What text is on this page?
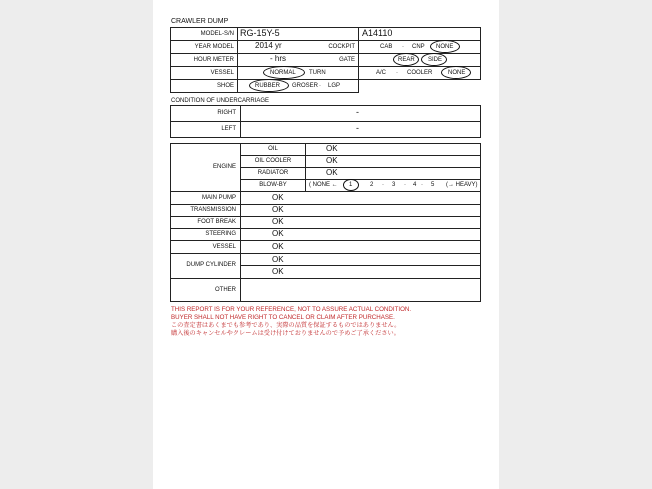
CRAWLER DUMP
MODEL-S/N RG-15Y-5	A14110
YEAR MODEL	2014 yr	COCKPIT	CAB · CNP NONE
HOUR METER	- hrs	GATE	REAR SIDE
VESSEL	NORMAL TURN	A/C · COOLER	NONE
SHOE	RUBBER GROSER · LGP
CONDITION OF UNDERCARRIAGE
RIGHT	-
LEFT	-
ENGINE
OIL	OK
OIL COOLER	OK
RADIATOR	OK
BLOW-BY	( NONE ← 1	2 · 3 · 4 · 5 (→ HEAVY)
MAIN PUMP	OK
TRANSMISSION	OK
FOOT BREAK	OK
STEERING	OK
VESSEL	OK
DUMP CYLINDER
OK
OK
OTHER
THIS REPORT IS FOR YOUR REFERENCE, NOT TO ASSURE ACTUAL CONDITION.
BUYER SHALL NOT HAVE RIGHT TO CANCEL OR CLAIM AFTER PURCHASE.
この査定書はあくまでも参考であり、実際の品質を保証するものではありません。
購入後のキャンセルやクレームは受け付けておりませんので予めご了承ください。
